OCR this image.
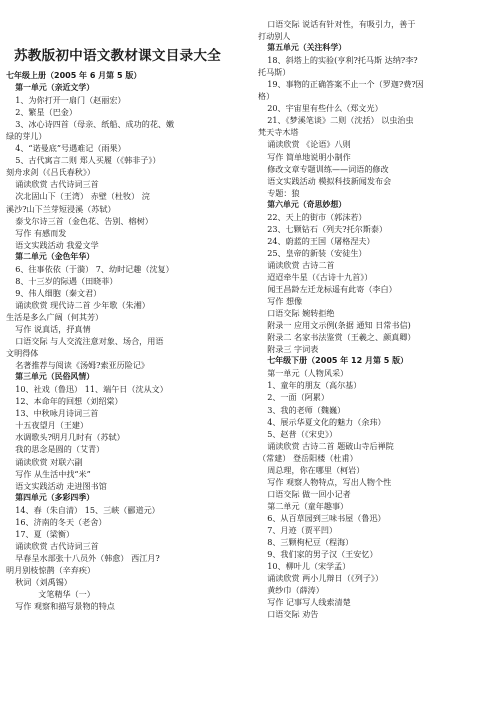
苏教版初中语文教材课文目录大全
七年级上册（2005 年 6 月第 5 版）
第一单元（亲近文学）
1、为你打开一扇门（赵丽宏）
2、繁星（巴金）
3、冰心诗四首（母亲、纸船、成功的花、嫩
绿的芽儿）
4、“诺曼底”号遇难记（雨果）
5、古代寓言二则 郑人买履（《韩非子》）
刻舟求剑（《吕氏春秋》）
诵读欣赏 古代诗词三首
次北固山下（王湾） 赤壁（杜牧） 浣
溪沙?山下兰芽短浸溪（苏轼）
泰戈尔诗三首（金色花、告别、榕树）
写作 有感而发
语文实践活动 我爱文学
第二单元（金色年华）
6、往事依依（于漪） 7、幼时记趣（沈复）
8、十三岁的际遇（田晓菲）
9、伟人细胞（秦文君）
诵读欣赏 现代诗二首 少年歌（朱湘）
生活是多么广阔（何其芳）
写作 说真话，抒真情
口语交际 与人交流注意对象、场合，用语
文明得体
名著推荐与阅读《汤姆?索亚历险记》
第三单元（民俗风情）
10、社戏（鲁迅） 11、端午日（沈从文）
12、本命年的回想（刘绍棠）
13、中秋咏月诗词三首
十五夜望月（王建）
水调歌头?明月几时有（苏轼）
我的思念是圆的（艾青）
诵读欣赏 对联六副
写作 从生活中找“米”
语文实践活动 走进图书馆
第四单元（多彩四季）
14、春（朱自清） 15、三峡（郦道元）
16、济南的冬天（老舍）
17、夏（梁衡）
诵读欣赏 古代诗词三首
早春呈水部张十八员外（韩愈） 西江月?
明月别枝惊鹊（辛弃疾）
秋词（刘禹锡）
文笔精华（一）
写作 观察和描写景物的特点
口语交际 说话有针对性，有吸引力，善于
打动别人
第五单元（关注科学）
18、斜塔上的实验(亨利?托马斯 达纳?李?
托马斯）
19、事物的正确答案不止一个（罗迦?费?因
格）
20、宇宙里有些什么（郑文光）
21、《梦溪笔谈》二则（沈括） 以虫治虫
梵天寺木塔
诵读欣赏 《论语》八则
写作 简单地说明小制作
修改文章专题训练——词语的修改
语文实践活动 模拟科技新闻发布会
专题：狼
第六单元（奇思妙想）
22、天上的街市（郭沫若）
23、七颗钻石（列夫?托尔斯泰）
24、蔚蓝的王国（屠格涅夫）
25、皇帝的新装（安徒生）
诵读欣赏 古诗二首
迢迢牵牛星（《古诗十九首》）
闻王昌龄左迁龙标遥有此寄（李白）
写作 想像
口语交际 婉转拒绝
附录一 应用文示例(条据 通知 日常书信)
附录二 名家书法鉴赏（王羲之、颜真卿）
附录三 字词表
七年级下册（2005 年 12 月第 5 版）
第一单元（人物风采）
1、童年的朋友（高尔基）
2、一面（阿累）
3、我的老师（魏巍）
4、展示华夏文化的魅力（余玮）
5、赵普（《宋史》）
诵读欣赏 古诗二首 题破山寺后禅院
（常建） 登岳阳楼（杜甫）
周总理，你在哪里（柯岩）
写作 观察人物特点，写出人物个性
口语交际 做一回小记者
第二单元（童年趣事）
6、从百草园到三味书屋（鲁迅）
7、月迹（贾平凹）
8、三颗枸杞豆（程海）
9、我们家的男子汉（王安忆）
10、柳叶儿（宋学孟）
诵读欣赏 两小儿辩日（《列子》）
黄纱巾（薛涛）
写作 记事写人线索清楚
口语交际 劝告
